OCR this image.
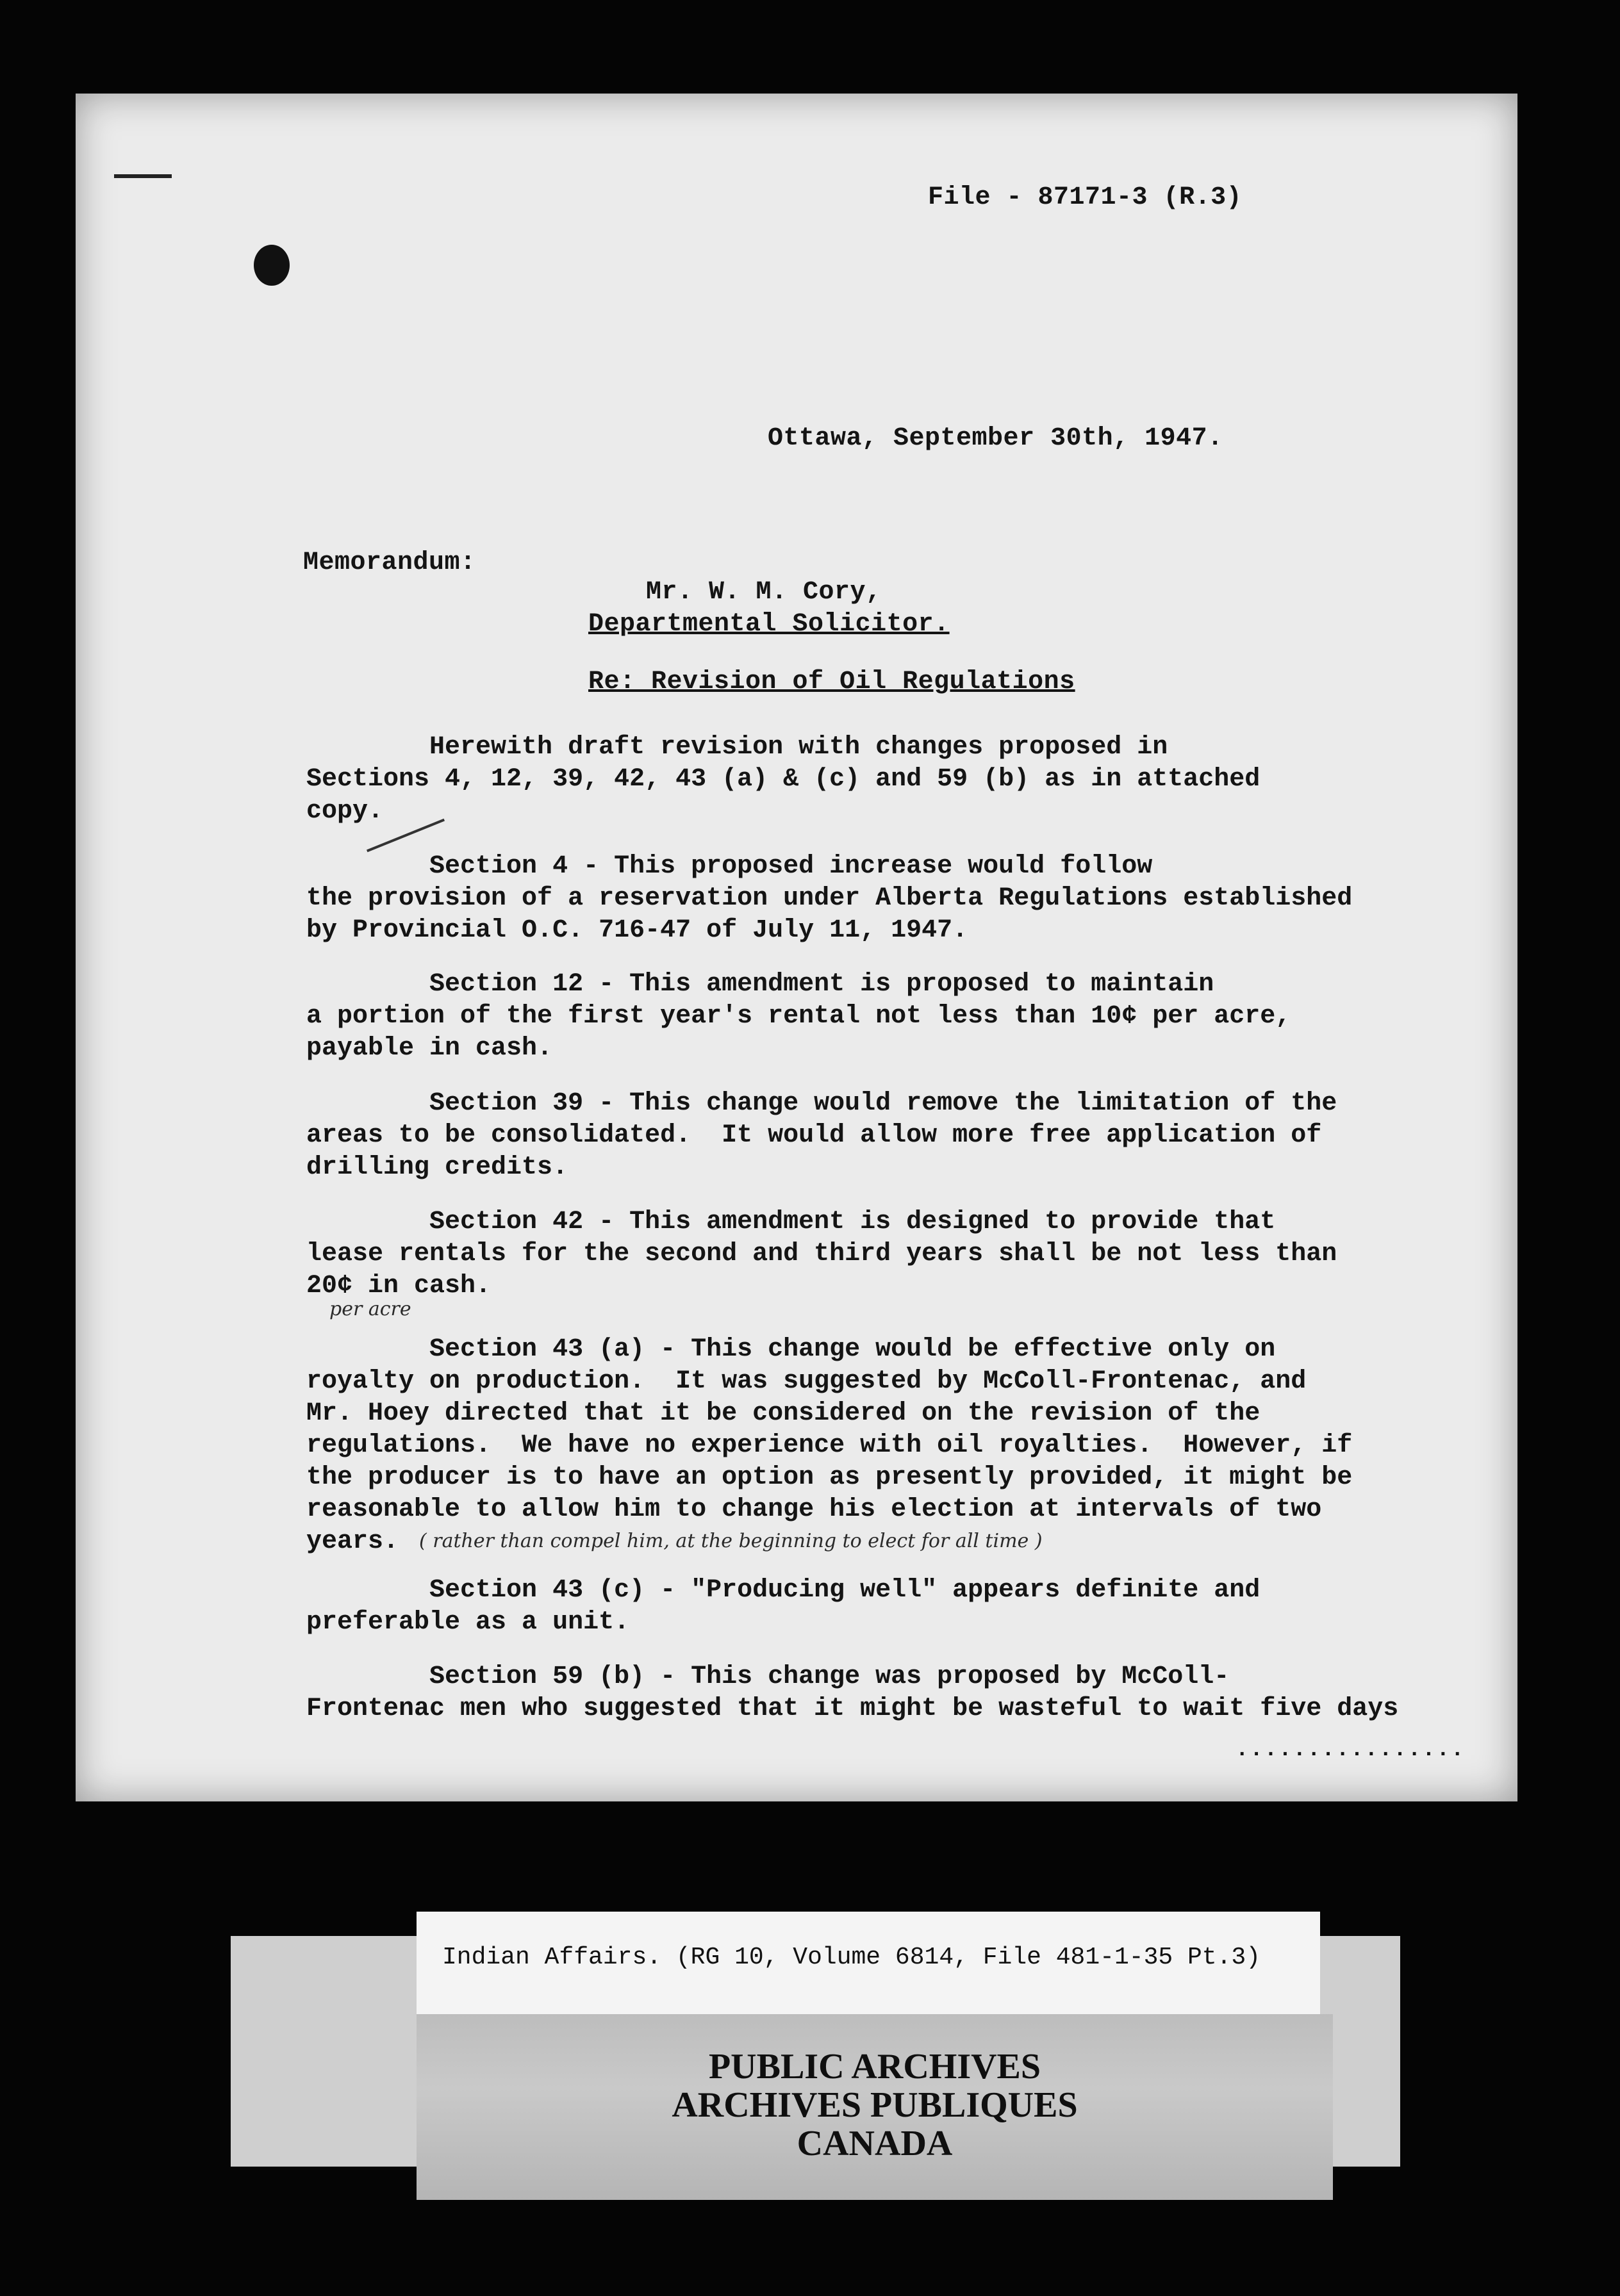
File - 87171-3 (R.3)
Ottawa, September 30th, 1947.
Memorandum:
Mr. W. M. Cory,
Departmental Solicitor.
Re: Revision of Oil Regulations
Herewith draft revision with changes proposed in
Sections 4, 12, 39, 42, 43 (a) & (c) and 59 (b) as in attached
copy.
Section 4 - This proposed increase would follow
the provision of a reservation under Alberta Regulations established
by Provincial O.C. 716-47 of July 11, 1947.
Section 12 - This amendment is proposed to maintain
a portion of the first year's rental not less than 10¢ per acre,
payable in cash.
Section 39 - This change would remove the limitation of the
areas to be consolidated.  It would allow more free application of
drilling credits.
Section 42 - This amendment is designed to provide that
lease rentals for the second and third years shall be not less than
20¢ in cash.
per acre
Section 43 (a) - This change would be effective only on
royalty on production.  It was suggested by McColl-Frontenac, and
Mr. Hoey directed that it be considered on the revision of the
regulations.  We have no experience with oil royalties.  However, if
the producer is to have an option as presently provided, it might be
reasonable to allow him to change his election at intervals of two
years.	( rather than compel him, at the beginning to elect for all time )
Section 43 (c) - "Producing well" appears definite and
preferable as a unit.
Section 59 (b) - This change was proposed by McColl-
Frontenac men who suggested that it might be wasteful to wait five days
................
Indian Affairs. (RG 10, Volume 6814, File 481-1-35 Pt.3)
PUBLIC ARCHIVES
ARCHIVES PUBLIQUES
CANADA
